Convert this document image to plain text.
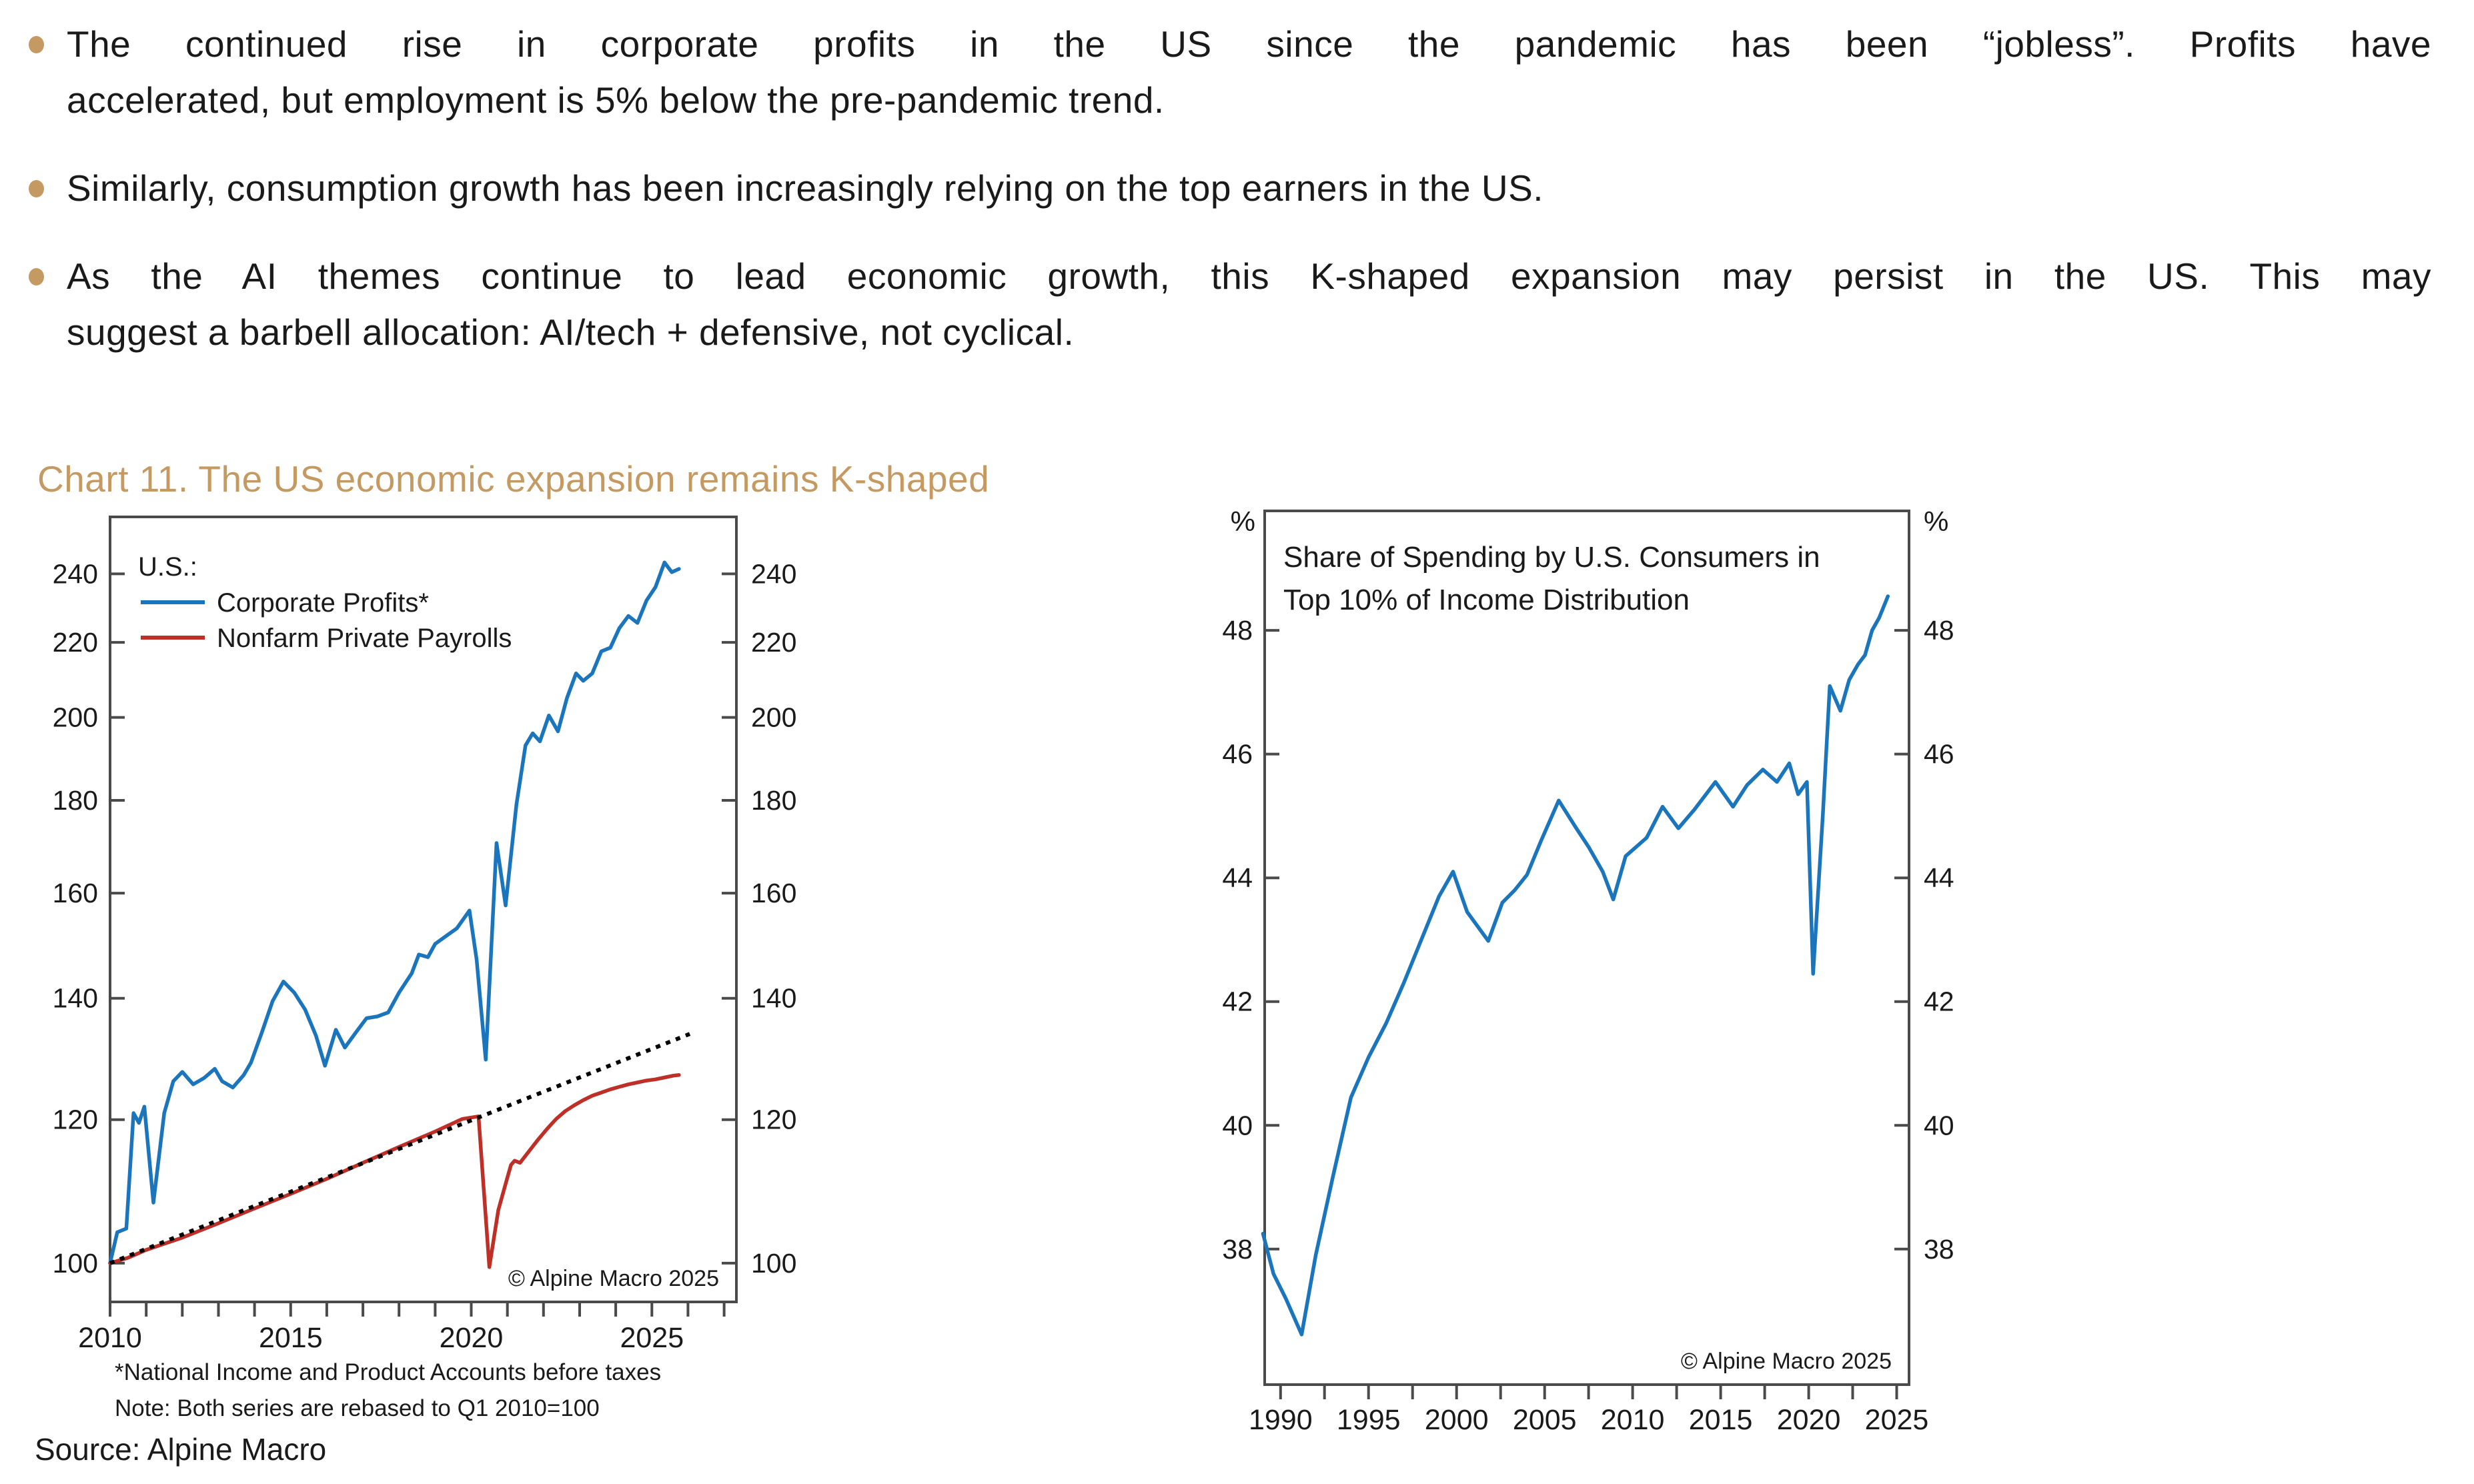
The continued rise in corporate profits in the US since the pandemic has been “jobless”. Profits have
accelerated, but employment is 5% below the pre-pandemic trend.
Similarly, consumption growth has been increasingly relying on the top earners in the US.
As the AI themes continue to lead economic growth, this K-shaped expansion may persist in the US. This may
suggest a barbell allocation: AI/tech + defensive, not cyclical.
Chart 11. The US economic expansion remains K-shaped
100	100
120	120
140	140
160	160
180	180
200	200
220	220
240	240
2010	2015	2020	2025
U.S.:
Corporate Profits*
Nonfarm Private Payrolls
© Alpine Macro 2025
38	38
40	40
42	42
44	44
46	46
48	48
1990 1995 2000 2005 2010 2015 2020 2025
Share of Spending by U.S. Consumers in
Top 10% of Income Distribution
%	%
© Alpine Macro 2025
*National Income and Product Accounts before taxes
Note: Both series are rebased to Q1 2010=100
Source: Alpine Macro
